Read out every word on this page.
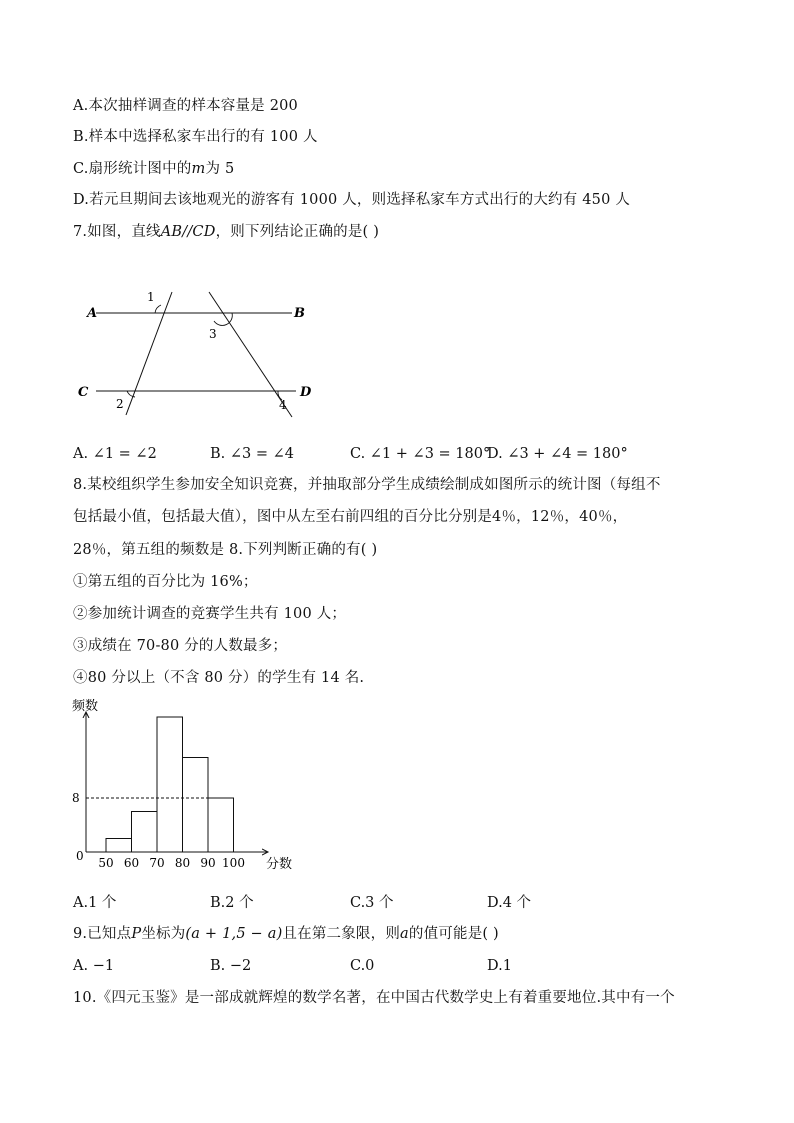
A.本次抽样调查的样本容量是 200
B.样本中选择私家车出行的有 100 人
C.扇形统计图中的m为 5
D.若元旦期间去该地观光的游客有 1000 人，则选择私家车方式出行的大约有 450 人
7.如图，直线AB//CD，则下列结论正确的是( )
A	B
C	D
1
3
2	4
A. ∠1 = ∠2	B. ∠3 = ∠4	C. ∠1 + ∠3 = 180°
D. ∠3 + ∠4 = 180°
8.某校组织学生参加安全知识竞赛，并抽取部分学生成绩绘制成如图所示的统计图（每组不
包括最小值，包括最大值），图中从左至右前四组的百分比分别是4％，12％，40％，
28％，第五组的频数是 8.下列判断正确的有( )
①第五组的百分比为 16%；
②参加统计调查的竞赛学生共有 100 人；
③成绩在 70-80 分的人数最多；
④80 分以上（不含 80 分）的学生有 14 名.
频数
分数
8
0 50 60 70 80 90 100
A.1 个	B.2 个	C.3 个	D.4 个
9.已知点P坐标为(a + 1,5 − a)且在第二象限，则a的值可能是( )
A. −1	B. −2	C.0	D.1
10.《四元玉鉴》是一部成就辉煌的数学名著，在中国古代数学史上有着重要地位.其中有一个
